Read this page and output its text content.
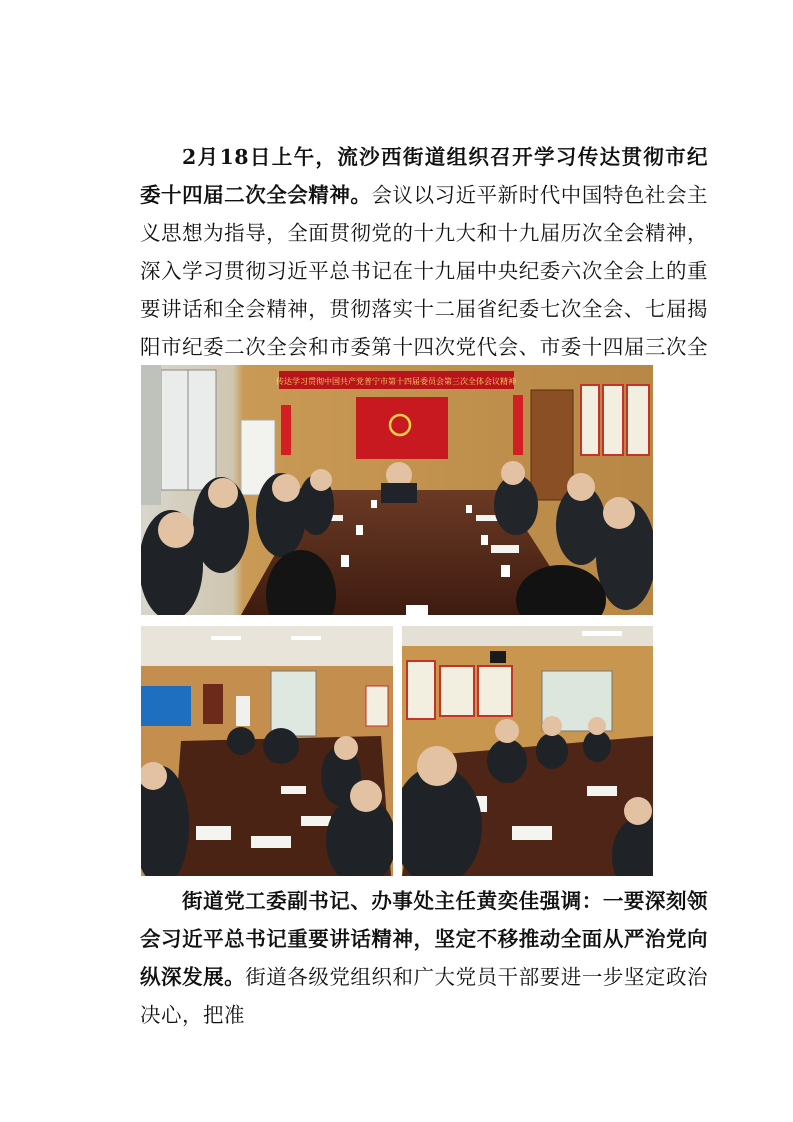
2月18日上午，流沙西街道组织召开学习传达贯彻市纪委十四届二次全会精神。会议以习近平新时代中国特色社会主义思想为指导，全面贯彻党的十九大和十九届历次全会精神，深入学习贯彻习近平总书记在十九届中央纪委六次全会上的重要讲话和全会精神，贯彻落实十二届省纪委七次全会、七届揭阳市纪委二次全会和市委第十四次党代会、市委十四届三次全

传达学习贯彻中国共产党普宁市第十四届委员会第三次全体会议精神

街道党工委副书记、办事处主任黄奕佳强调：一要深刻领会习近平总书记重要讲话精神，坚定不移推动全面从严治党向纵深发展。街道各级党组织和广大党员干部要进一步坚定政治决心，把准
